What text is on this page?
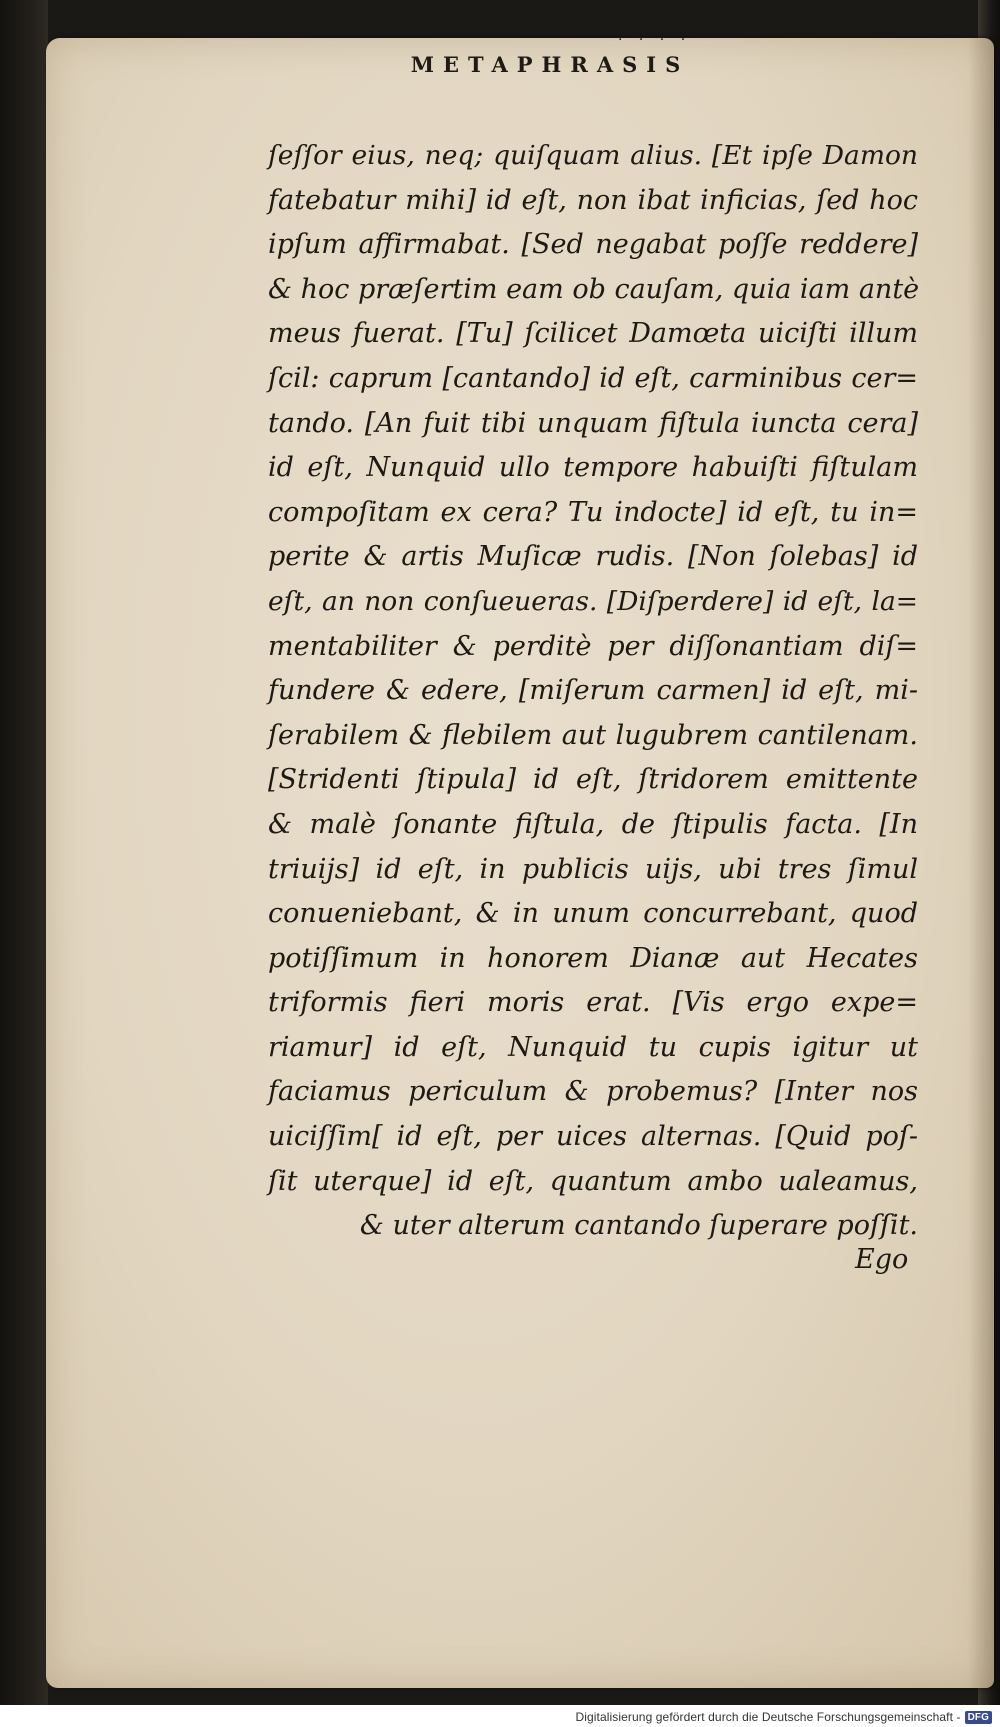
· · · ·
METAPHRASIS
ſeſſor eius, neq; quiſquam alius. [Et ipſe Damon
fatebatur mihi] id eſt, non ibat inficias, ſed hoc
ipſum affirmabat. [Sed negabat poſſe reddere]
& hoc præſertim eam ob cauſam, quia iam antè
meus fuerat. [Tu] ſcilicet Damœta uiciſti illum
ſcil: caprum [cantando] id eſt, carminibus cer=
tando. [An fuit tibi unquam fiſtula iuncta cera]
id eſt, Nunquid ullo tempore habuiſti fiſtulam
compoſitam ex cera? Tu indocte] id eſt, tu in=
perite & artis Muſicæ rudis. [Non ſolebas] id
eſt, an non conſueueras. [Diſperdere] id eſt, la=
mentabiliter & perditè per diſſonantiam diſ=
fundere & edere, [miſerum carmen] id eſt, mi-
ſerabilem & flebilem aut lugubrem cantilenam.
[Stridenti ſtipula] id eſt, ſtridorem emittente
& malè ſonante fiſtula, de ſtipulis facta. [In
triuijs] id eſt, in publicis uijs, ubi tres ſimul
conueniebant, & in unum concurrebant, quod
potiſſimum in honorem Dianæ aut Hecates
triformis fieri moris erat. [Vis ergo expe=
riamur] id eſt, Nunquid tu cupis igitur ut
faciamus periculum & probemus? [Inter nos
uiciſſim[ id eſt, per uices alternas. [Quid poſ-
ſit uterque] id eſt, quantum ambo ualeamus,
& uter alterum cantando ſuperare poſſit.
Ego
Digitalisierung gefördert durch die Deutsche Forschungsgemeinschaft - DFG
